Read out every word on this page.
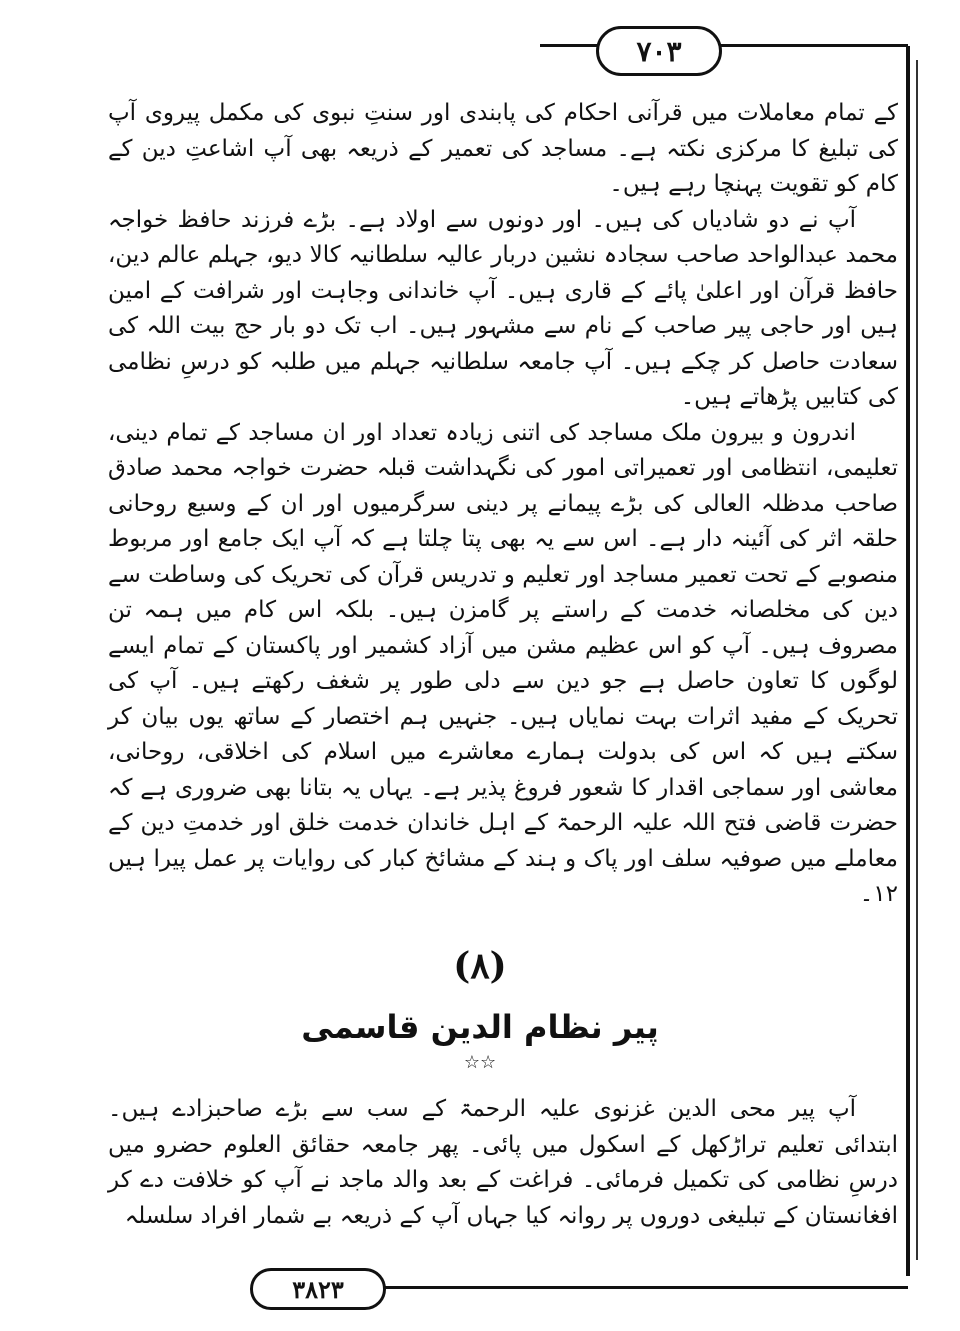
۷۰۳

کے تمام معاملات میں قرآنی احکام کی پابندی اور سنتِ نبوی کی مکمل پیروی آپ کی تبلیغ کا مرکزی نکتہ ہے۔ مساجد کی تعمیر کے ذریعہ بھی آپ اشاعتِ دین کے کام کو تقویت پہنچا رہے ہیں۔

آپ نے دو شادیاں کی ہیں۔ اور دونوں سے اولاد ہے۔ بڑے فرزند حافظ خواجہ محمد عبدالواحد صاحب سجادہ نشین دربار عالیہ سلطانیہ کالا دیو، جہلم عالم دین، حافظ قرآن اور اعلیٰ پائے کے قاری ہیں۔ آپ خاندانی وجاہت اور شرافت کے امین ہیں اور حاجی پیر صاحب کے نام سے مشہور ہیں۔ اب تک دو بار حج بیت اللہ کی سعادت حاصل کر چکے ہیں۔ آپ جامعہ سلطانیہ جہلم میں طلبہ کو درسِ نظامی کی کتابیں پڑھاتے ہیں۔

اندرون و بیرون ملک مساجد کی اتنی زیادہ تعداد اور ان مساجد کے تمام دینی، تعلیمی، انتظامی اور تعمیراتی امور کی نگہداشت قبلہ حضرت خواجہ محمد صادق صاحب مدظلہ العالی کی بڑے پیمانے پر دینی سرگرمیوں اور ان کے وسیع روحانی حلقہ اثر کی آئینہ دار ہے۔ اس سے یہ بھی پتا چلتا ہے کہ آپ ایک جامع اور مربوط منصوبے کے تحت تعمیر مساجد اور تعلیم و تدریس قرآن کی تحریک کی وساطت سے دین کی مخلصانہ خدمت کے راستے پر گامزن ہیں۔ بلکہ اس کام میں ہمہ تن مصروف ہیں۔ آپ کو اس عظیم مشن میں آزاد کشمیر اور پاکستان کے تمام ایسے لوگوں کا تعاون حاصل ہے جو دین سے دلی طور پر شغف رکھتے ہیں۔ آپ کی تحریک کے مفید اثرات بہت نمایاں ہیں۔ جنہیں ہم اختصار کے ساتھ یوں بیان کر سکتے ہیں کہ اس کی بدولت ہمارے معاشرے میں اسلام کی اخلاقی، روحانی، معاشی اور سماجی اقدار کا شعور فروغ پذیر ہے۔ یہاں یہ بتانا بھی ضروری ہے کہ حضرت قاضی فتح اللہ علیہ الرحمۃ کے اہل خاندان خدمت خلق اور خدمتِ دین کے معاملے میں صوفیہ سلف اور پاک و ہند کے مشائخ کبار کی روایات پر عمل پیرا ہیں ۱۲۔

(۸)
پیر نظام الدین قاسمی
☆☆

آپ پیر محی الدین غزنوی علیہ الرحمۃ کے سب سے بڑے صاحبزادے ہیں۔ ابتدائی تعلیم تراڑکھل کے اسکول میں پائی۔ پھر جامعہ حقائق العلوم حضرو میں درسِ نظامی کی تکمیل فرمائی۔ فراغت کے بعد والد ماجد نے آپ کو خلافت دے کر افغانستان کے تبلیغی دوروں پر روانہ کیا جہاں آپ کے ذریعہ بے شمار افراد سلسلہ

۳۸۲۳
